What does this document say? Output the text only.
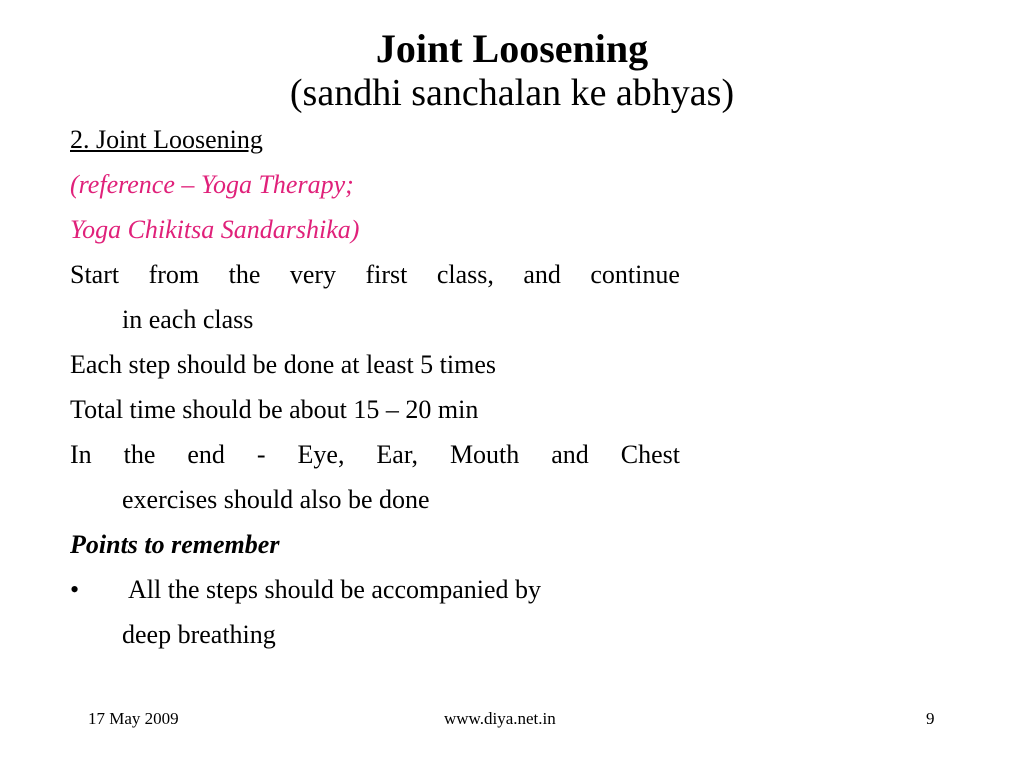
Joint Loosening
(sandhi sanchalan ke abhyas)
2. Joint Loosening
(reference – Yoga Therapy;
Yoga Chikitsa Sandarshika)
Start from the very first class, and continue
in each class
Each step should be done at least 5 times
Total time should be about 15 – 20 min
In the end - Eye, Ear, Mouth and Chest
exercises should also be done
Points to remember
•	All the steps should be accompanied by
deep breathing
17 May 2009	www.diya.net.in	9
